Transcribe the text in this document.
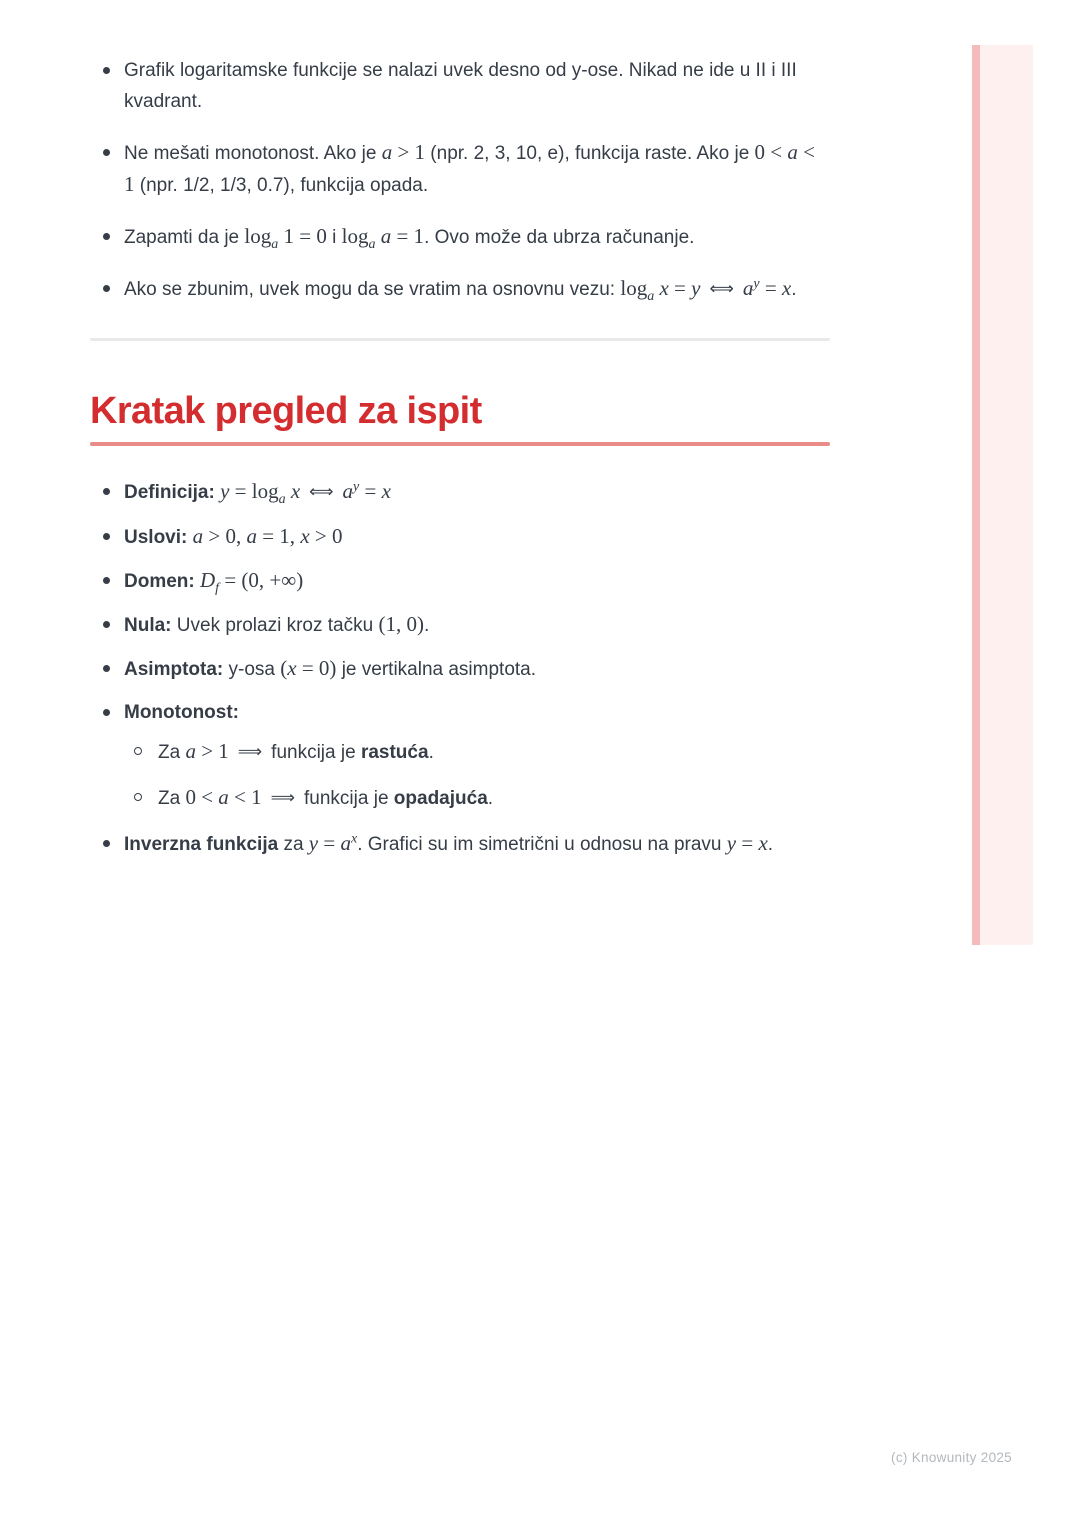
Grafik logaritamske funkcije se nalazi uvek desno od y-ose. Nikad ne ide u II i III kvadrant.
Ne mešati monotonost. Ako je a > 1 (npr. 2, 3, 10, e), funkcija raste. Ako je 0 < a < 1 (npr. 1/2, 1/3, 0.7), funkcija opada.
Zapamti da je $\log_a 1 = 0$ i $\log_a a = 1$. Ovo može da ubrza računanje.
Ako se zbunim, uvek mogu da se vratim na osnovnu vezu: $\log_a x = y$ ⟺ $a^y = x$.
Kratak pregled za ispit
Definicija: $y = \log_a x$ ⟺ $a^y = x$
Uslovi: a > 0, a = 1, x > 0
Domen: $D_f = (0$, +∞)
Nula: Uvek prolazi kroz tačku (1, 0).
Asimptota: y-osa (x = 0) je vertikalna asimptota.
Monotonost:
Za a > 1 ⟹ funkcija je rastuća.
Za 0 < a < 1 ⟹ funkcija je opadajuća.
Inverzna funkcija za $y = a^x$. Grafici su im simetrični u odnosu na pravu y = x.
(c) Knowunity 2025
